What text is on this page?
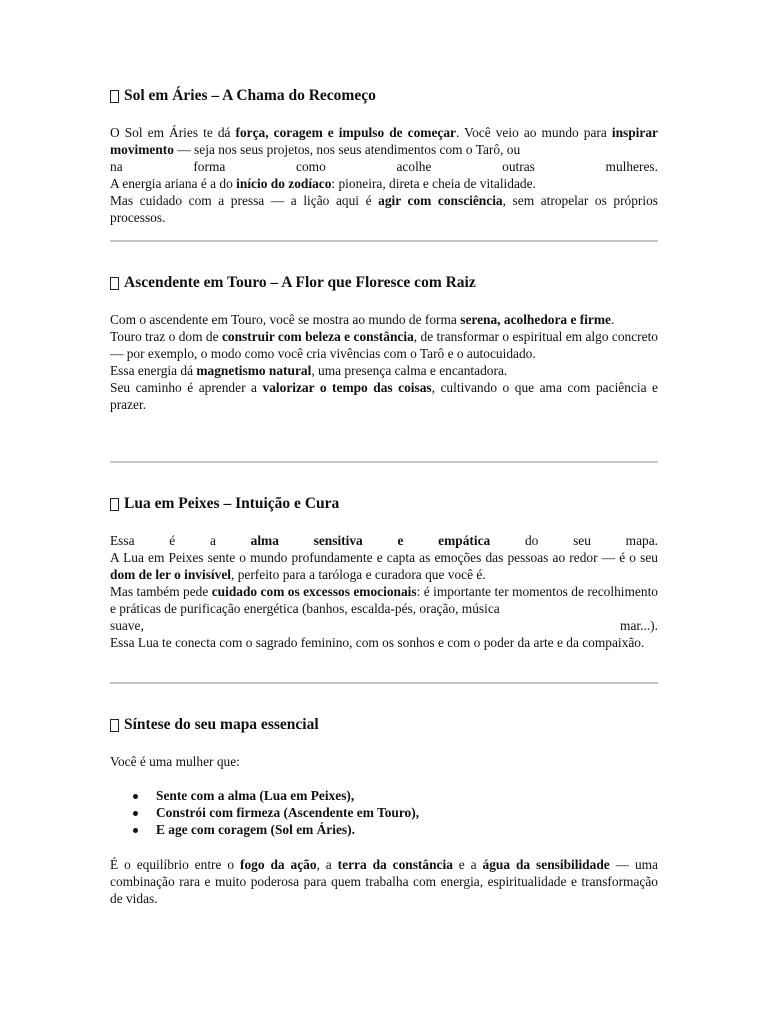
Sol em Áries – A Chama do Recomeço

O Sol em Áries te dá força, coragem e impulso de começar. Você veio ao mundo para inspirar movimento — seja nos seus projetos, nos seus atendimentos com o Tarô, ou

na forma como acolhe outras mulheres.

A energia ariana é a do início do zodíaco: pioneira, direta e cheia de vitalidade.

Mas cuidado com a pressa — a lição aqui é agir com consciência, sem atropelar os próprios processos.

Ascendente em Touro – A Flor que Floresce com Raiz

Com o ascendente em Touro, você se mostra ao mundo de forma serena, acolhedora e firme.

Touro traz o dom de construir com beleza e constância, de transformar o espiritual em algo concreto — por exemplo, o modo como você cria vivências com o Tarô e o autocuidado.

Essa energia dá magnetismo natural, uma presença calma e encantadora.

Seu caminho é aprender a valorizar o tempo das coisas, cultivando o que ama com paciência e prazer.

Lua em Peixes – Intuição e Cura

Essa é a alma sensitiva e empática do seu mapa.

A Lua em Peixes sente o mundo profundamente e capta as emoções das pessoas ao redor — é o seu dom de ler o invisível, perfeito para a taróloga e curadora que você é.

Mas também pede cuidado com os excessos emocionais: é importante ter momentos de recolhimento e práticas de purificação energética (banhos, escalda-pés, oração, música

suave, mar...).

Essa Lua te conecta com o sagrado feminino, com os sonhos e com o poder da arte e da compaixão.

Síntese do seu mapa essencial

Você é uma mulher que:

Sente com a alma (Lua em Peixes),
Constrói com firmeza (Ascendente em Touro),
E age com coragem (Sol em Áries).

É o equilíbrio entre o fogo da ação, a terra da constância e a água da sensibilidade — uma combinação rara e muito poderosa para quem trabalha com energia, espiritualidade e transformação de vidas.
